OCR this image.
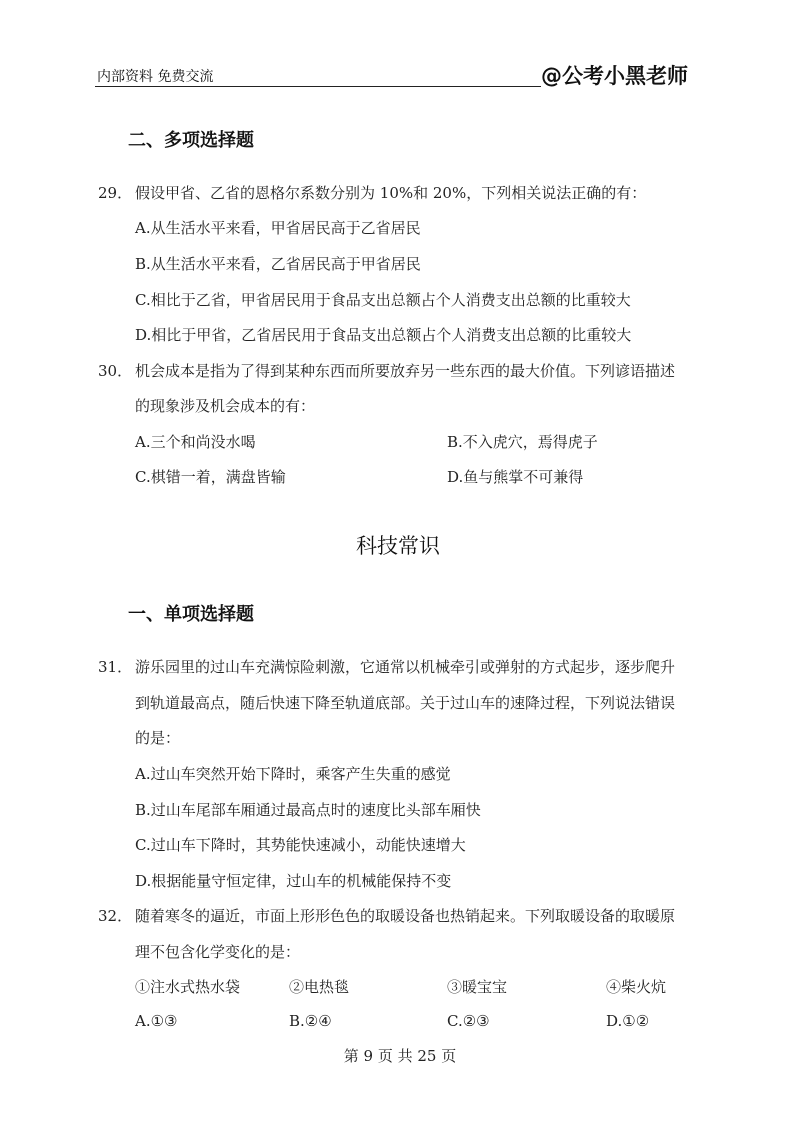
内部资料 免费交流	@公考小黑老师
二、多项选择题
29． 假设甲省、乙省的恩格尔系数分别为 10%和 20%，下列相关说法正确的有：
A.从生活水平来看，甲省居民高于乙省居民
B.从生活水平来看，乙省居民高于甲省居民
C.相比于乙省，甲省居民用于食品支出总额占个人消费支出总额的比重较大
D.相比于甲省，乙省居民用于食品支出总额占个人消费支出总额的比重较大
30． 机会成本是指为了得到某种东西而所要放弃另一些东西的最大价值。下列谚语描述
的现象涉及机会成本的有：
A.三个和尚没水喝	B.不入虎穴，焉得虎子
C.棋错一着，满盘皆输	D.鱼与熊掌不可兼得
科技常识
一、单项选择题
31． 游乐园里的过山车充满惊险刺激，它通常以机械牵引或弹射的方式起步，逐步爬升
到轨道最高点，随后快速下降至轨道底部。关于过山车的速降过程，下列说法错误
的是：
A.过山车突然开始下降时，乘客产生失重的感觉
B.过山车尾部车厢通过最高点时的速度比头部车厢快
C.过山车下降时，其势能快速减小，动能快速增大
D.根据能量守恒定律，过山车的机械能保持不变
32． 随着寒冬的逼近，市面上形形色色的取暖设备也热销起来。下列取暖设备的取暖原
理不包含化学变化的是：
①注水式热水袋	②电热毯	③暖宝宝	④柴火炕
A.①③	B.②④	C.②③	D.①②
第 9 页 共 25 页
